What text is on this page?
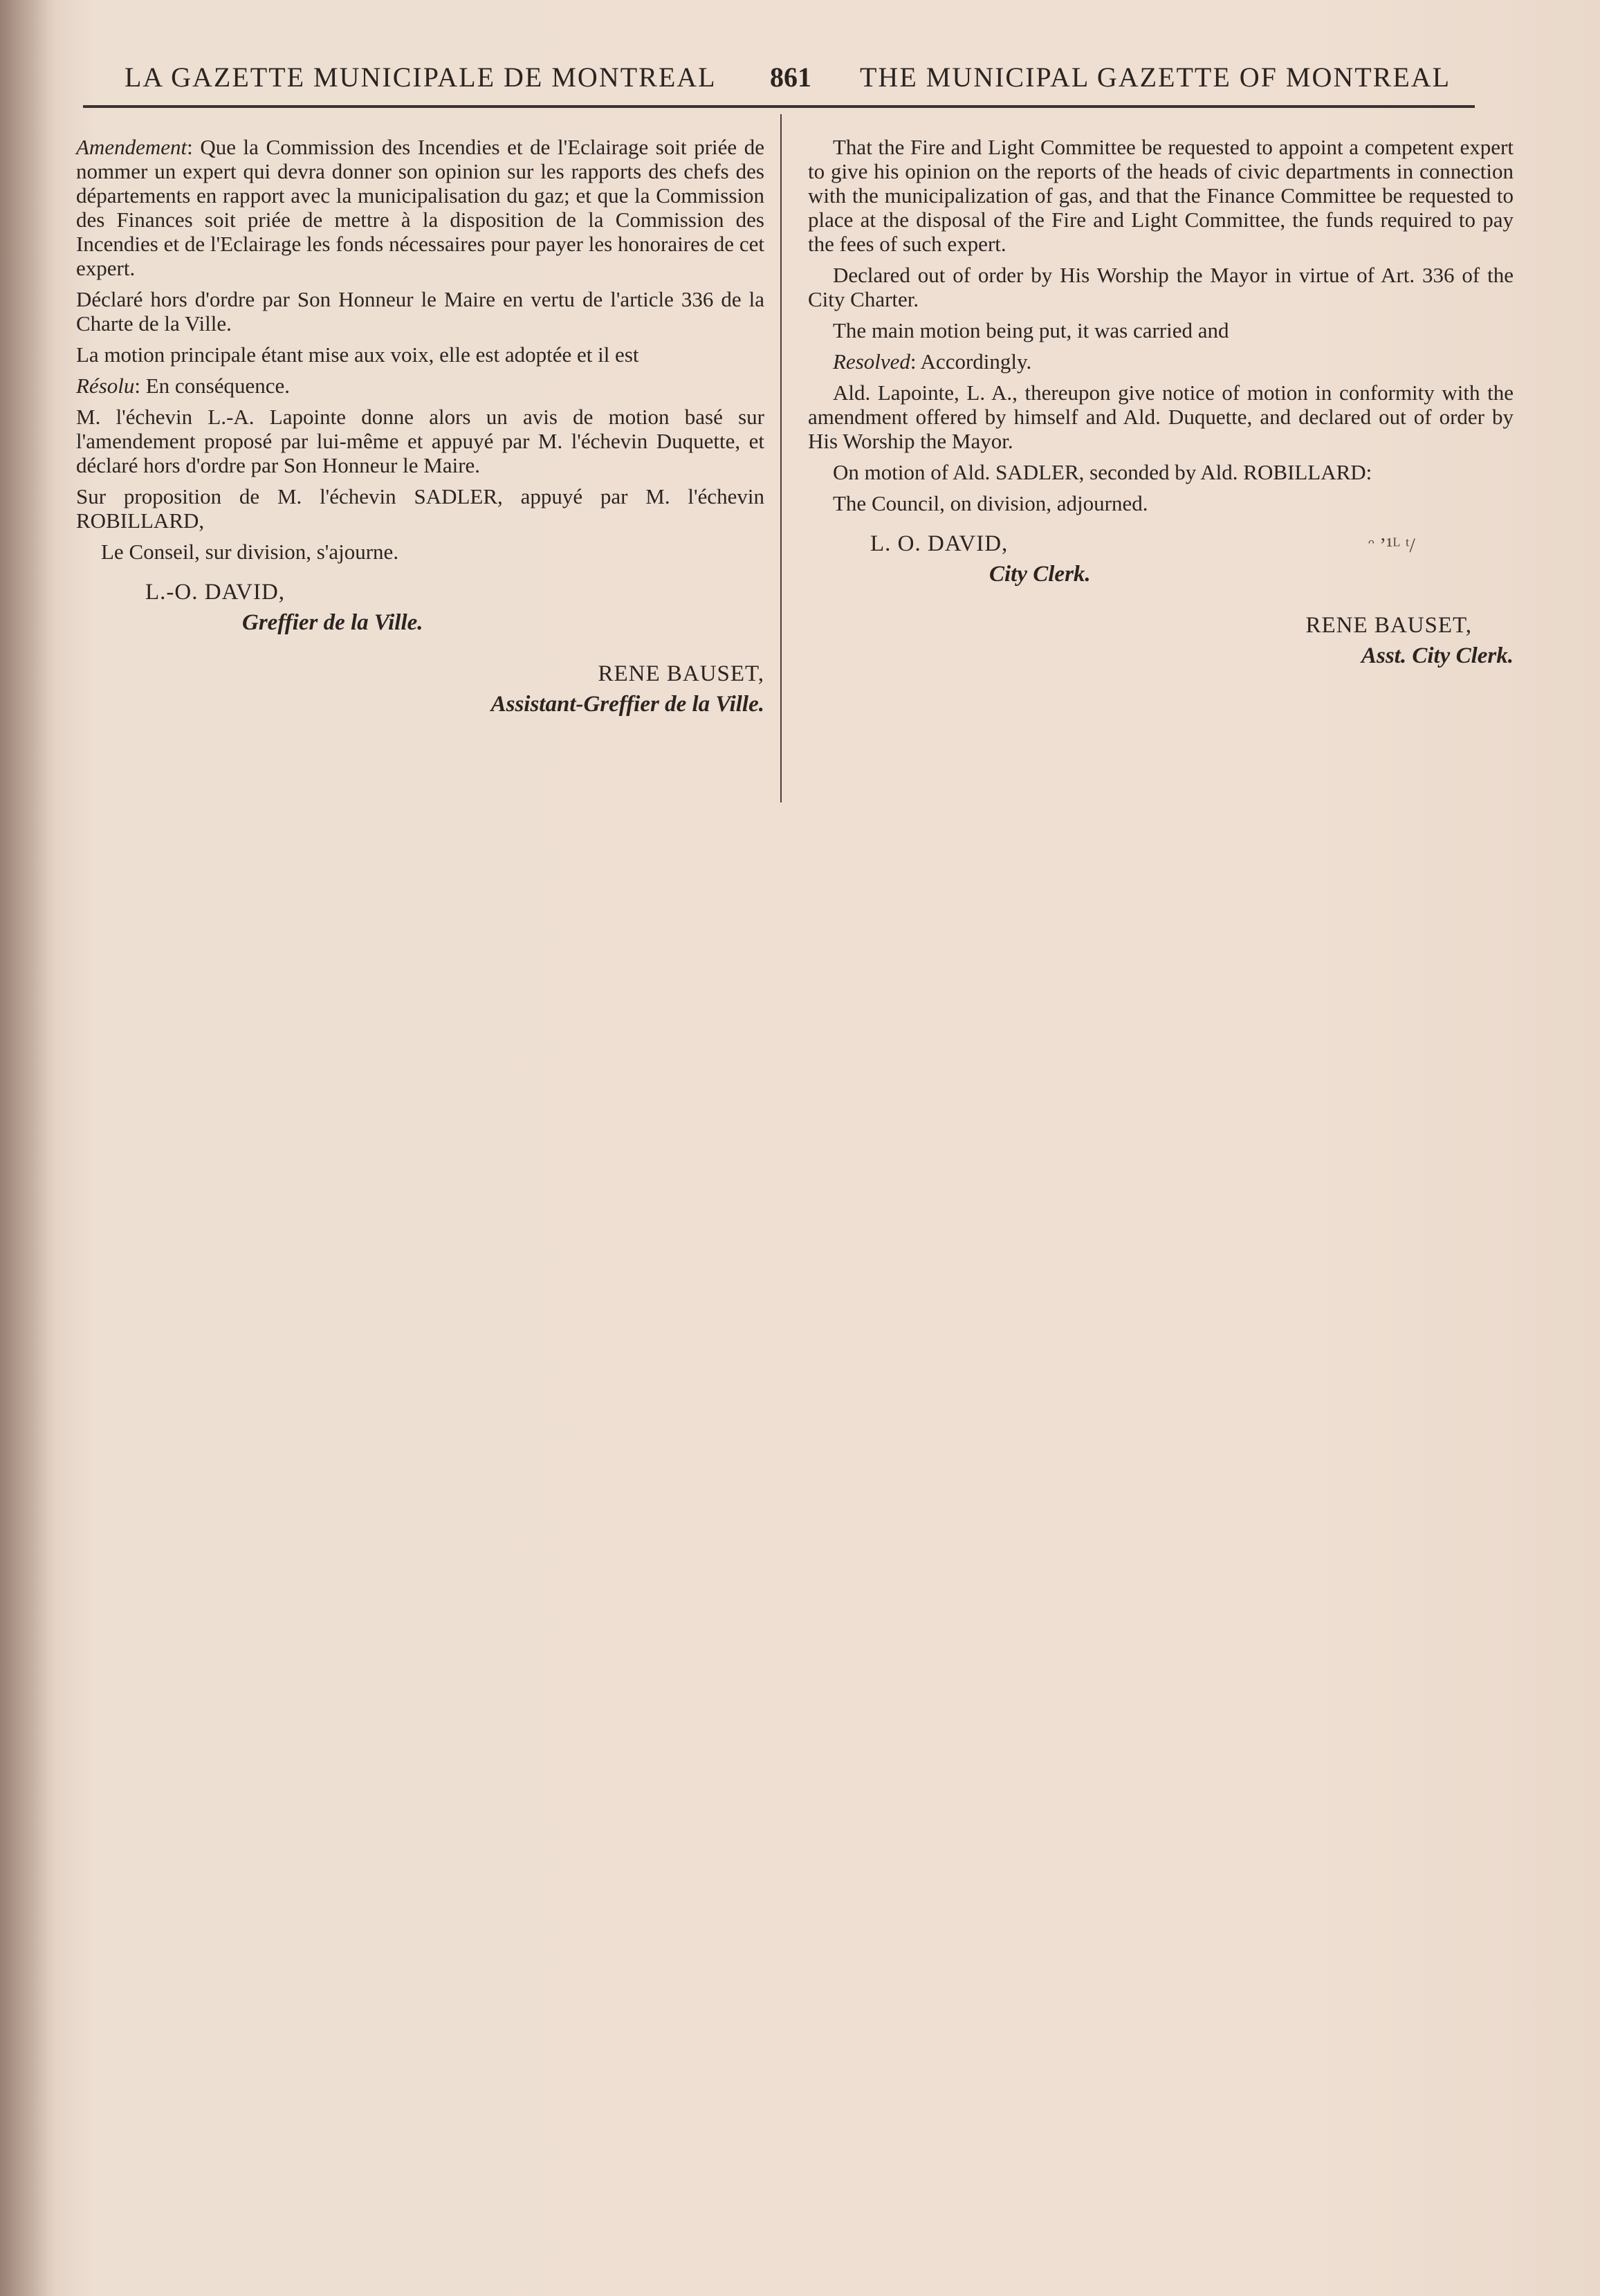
LA GAZETTE MUNICIPALE DE MONTREAL 861 THE MUNICIPAL GAZETTE OF MONTREAL

Amendement: Que la Commission des Incendies et de l'Eclairage soit priée de nommer un expert qui devra donner son opinion sur les rapports des chefs des départements en rapport avec la municipalisation du gaz; et que la Commission des Finances soit priée de mettre à la disposition de la Commission des Incendies et de l'Eclairage les fonds nécessaires pour payer les honoraires de cet expert.

Déclaré hors d'ordre par Son Honneur le Maire en vertu de l'article 336 de la Charte de la Ville.

La motion principale étant mise aux voix, elle est adoptée et il est

Résolu: En conséquence.

M. l'échevin L.-A. Lapointe donne alors un avis de motion basé sur l'amendement proposé par lui-même et appuyé par M. l'échevin Duquette, et déclaré hors d'ordre par Son Honneur le Maire.

Sur proposition de M. l'échevin SADLER, appuyé par M. l'échevin ROBILLARD,

Le Conseil, sur division, s'ajourne.

L.-O. DAVID,
Greffier de la Ville.
RENE BAUSET,
Assistant-Greffier de la Ville.

That the Fire and Light Committee be requested to appoint a competent expert to give his opinion on the reports of the heads of civic departments in connection with the municipalization of gas, and that the Finance Committee be requested to place at the disposal of the Fire and Light Committee, the funds required to pay the fees of such expert.

Declared out of order by His Worship the Mayor in virtue of Art. 336 of the City Charter.

The main motion being put, it was carried and

Resolved: Accordingly.

Ald. Lapointe, L. A., thereupon give notice of motion in conformity with the amendment offered by himself and Ald. Duquette, and declared out of order by His Worship the Mayor.

On motion of Ald. SADLER, seconded by Ald. ROBILLARD:

The Council, on division, adjourned.

L. O. DAVID,	ᵔ ʼ¹ᴸ ᵗ/
City Clerk.
RENE BAUSET,
Asst. City Clerk.
